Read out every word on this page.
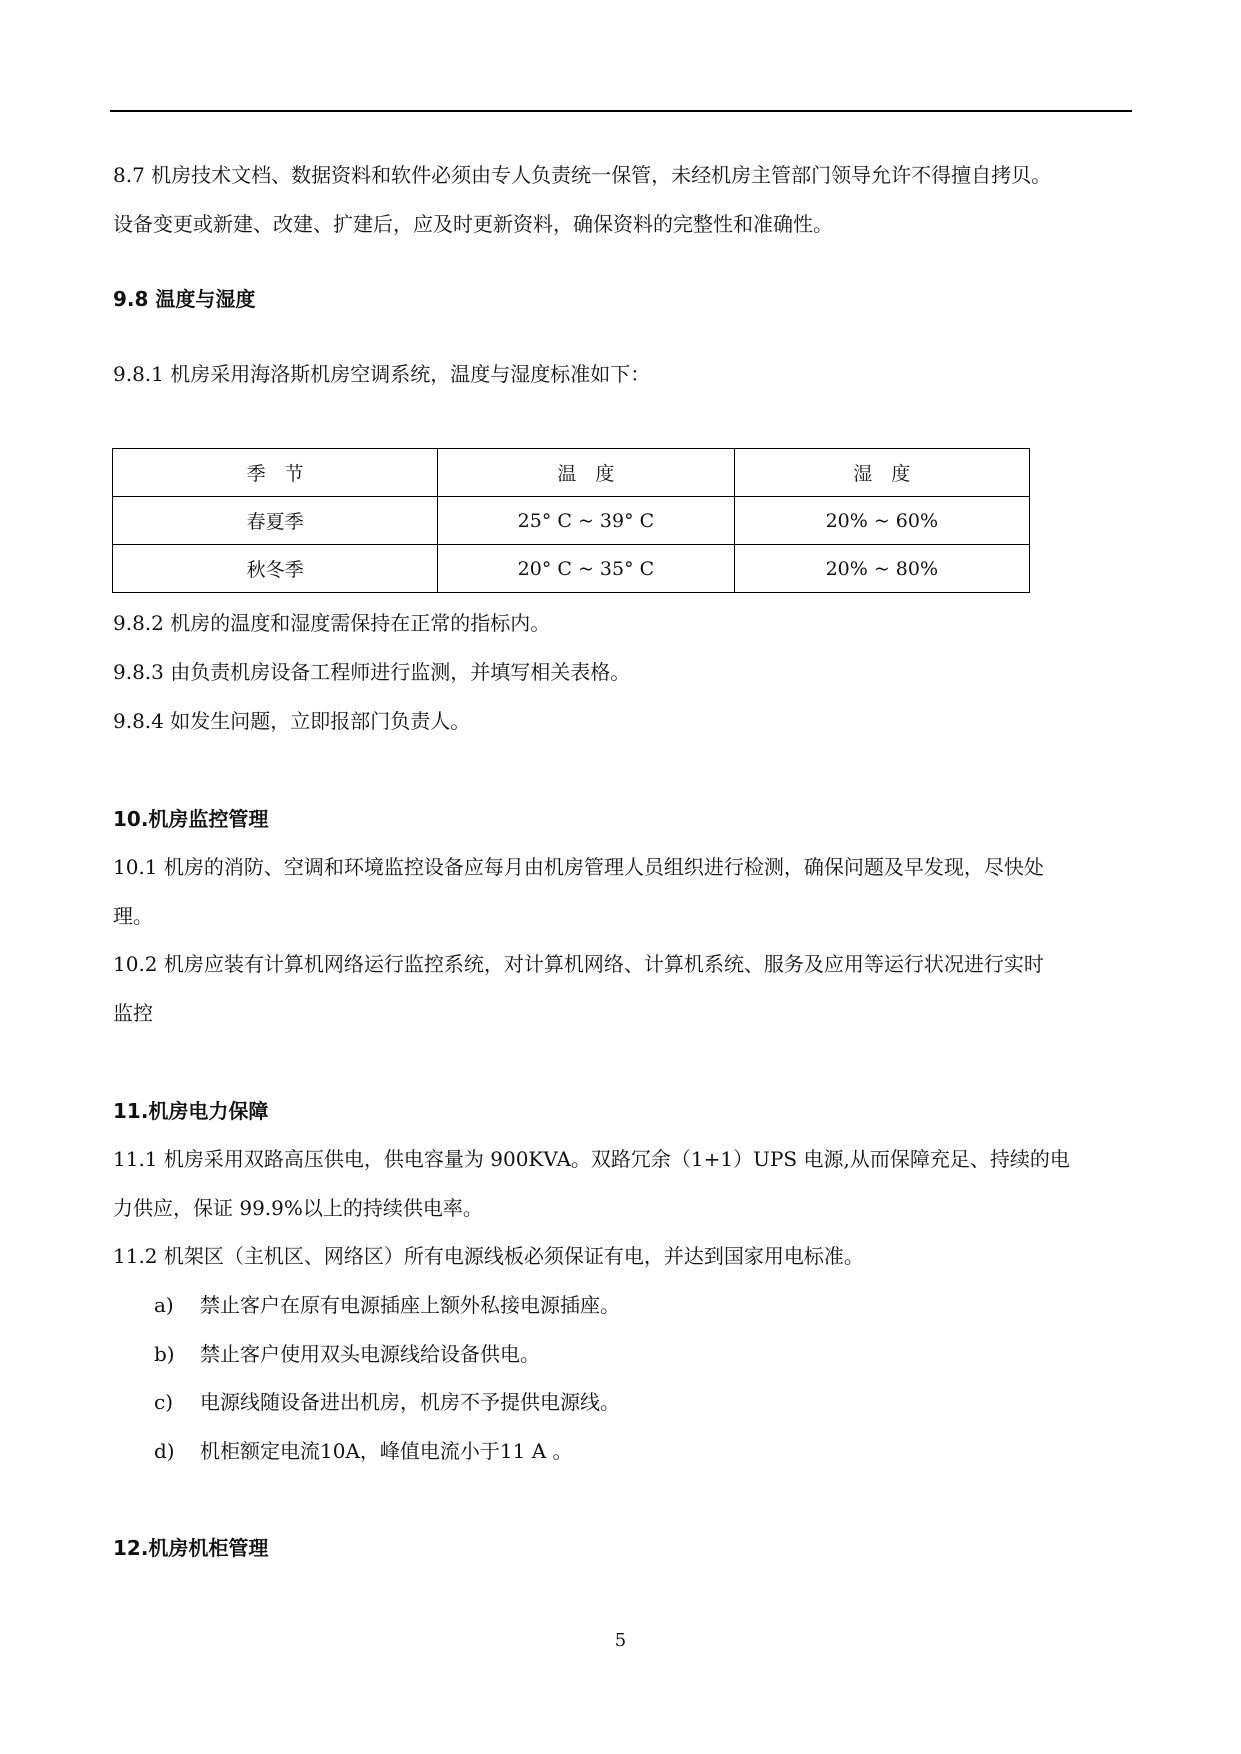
8.7 机房技术文档、数据资料和软件必须由专人负责统一保管，未经机房主管部门领导允许不得擅自拷贝。
设备变更或新建、改建、扩建后，应及时更新资料，确保资料的完整性和准确性。
9.8 温度与湿度
9.8.1 机房采用海洛斯机房空调系统，温度与湿度标准如下：
季　节	温　度	湿　度
春夏季	25° C ~ 39° C	20% ~ 60%
秋冬季	20° C ~ 35° C	20% ~ 80%
9.8.2 机房的温度和湿度需保持在正常的指标内。
9.8.3 由负责机房设备工程师进行监测，并填写相关表格。
9.8.4 如发生问题，立即报部门负责人。
10.机房监控管理
10.1 机房的消防、空调和环境监控设备应每月由机房管理人员组织进行检测，确保问题及早发现，尽快处
理。
10.2 机房应装有计算机网络运行监控系统，对计算机网络、计算机系统、服务及应用等运行状况进行实时
监控
11.机房电力保障
11.1 机房采用双路高压供电，供电容量为 900KVA。双路冗余（1+1）UPS 电源,从而保障充足、持续的电
力供应，保证 99.9%以上的持续供电率。
11.2 机架区（主机区、网络区）所有电源线板必须保证有电，并达到国家用电标准。
a) 禁止客户在原有电源插座上额外私接电源插座。
b) 禁止客户使用双头电源线给设备供电。
c) 电源线随设备进出机房，机房不予提供电源线。
d) 机柜额定电流10A，峰值电流小于11 A 。
12.机房机柜管理
5
